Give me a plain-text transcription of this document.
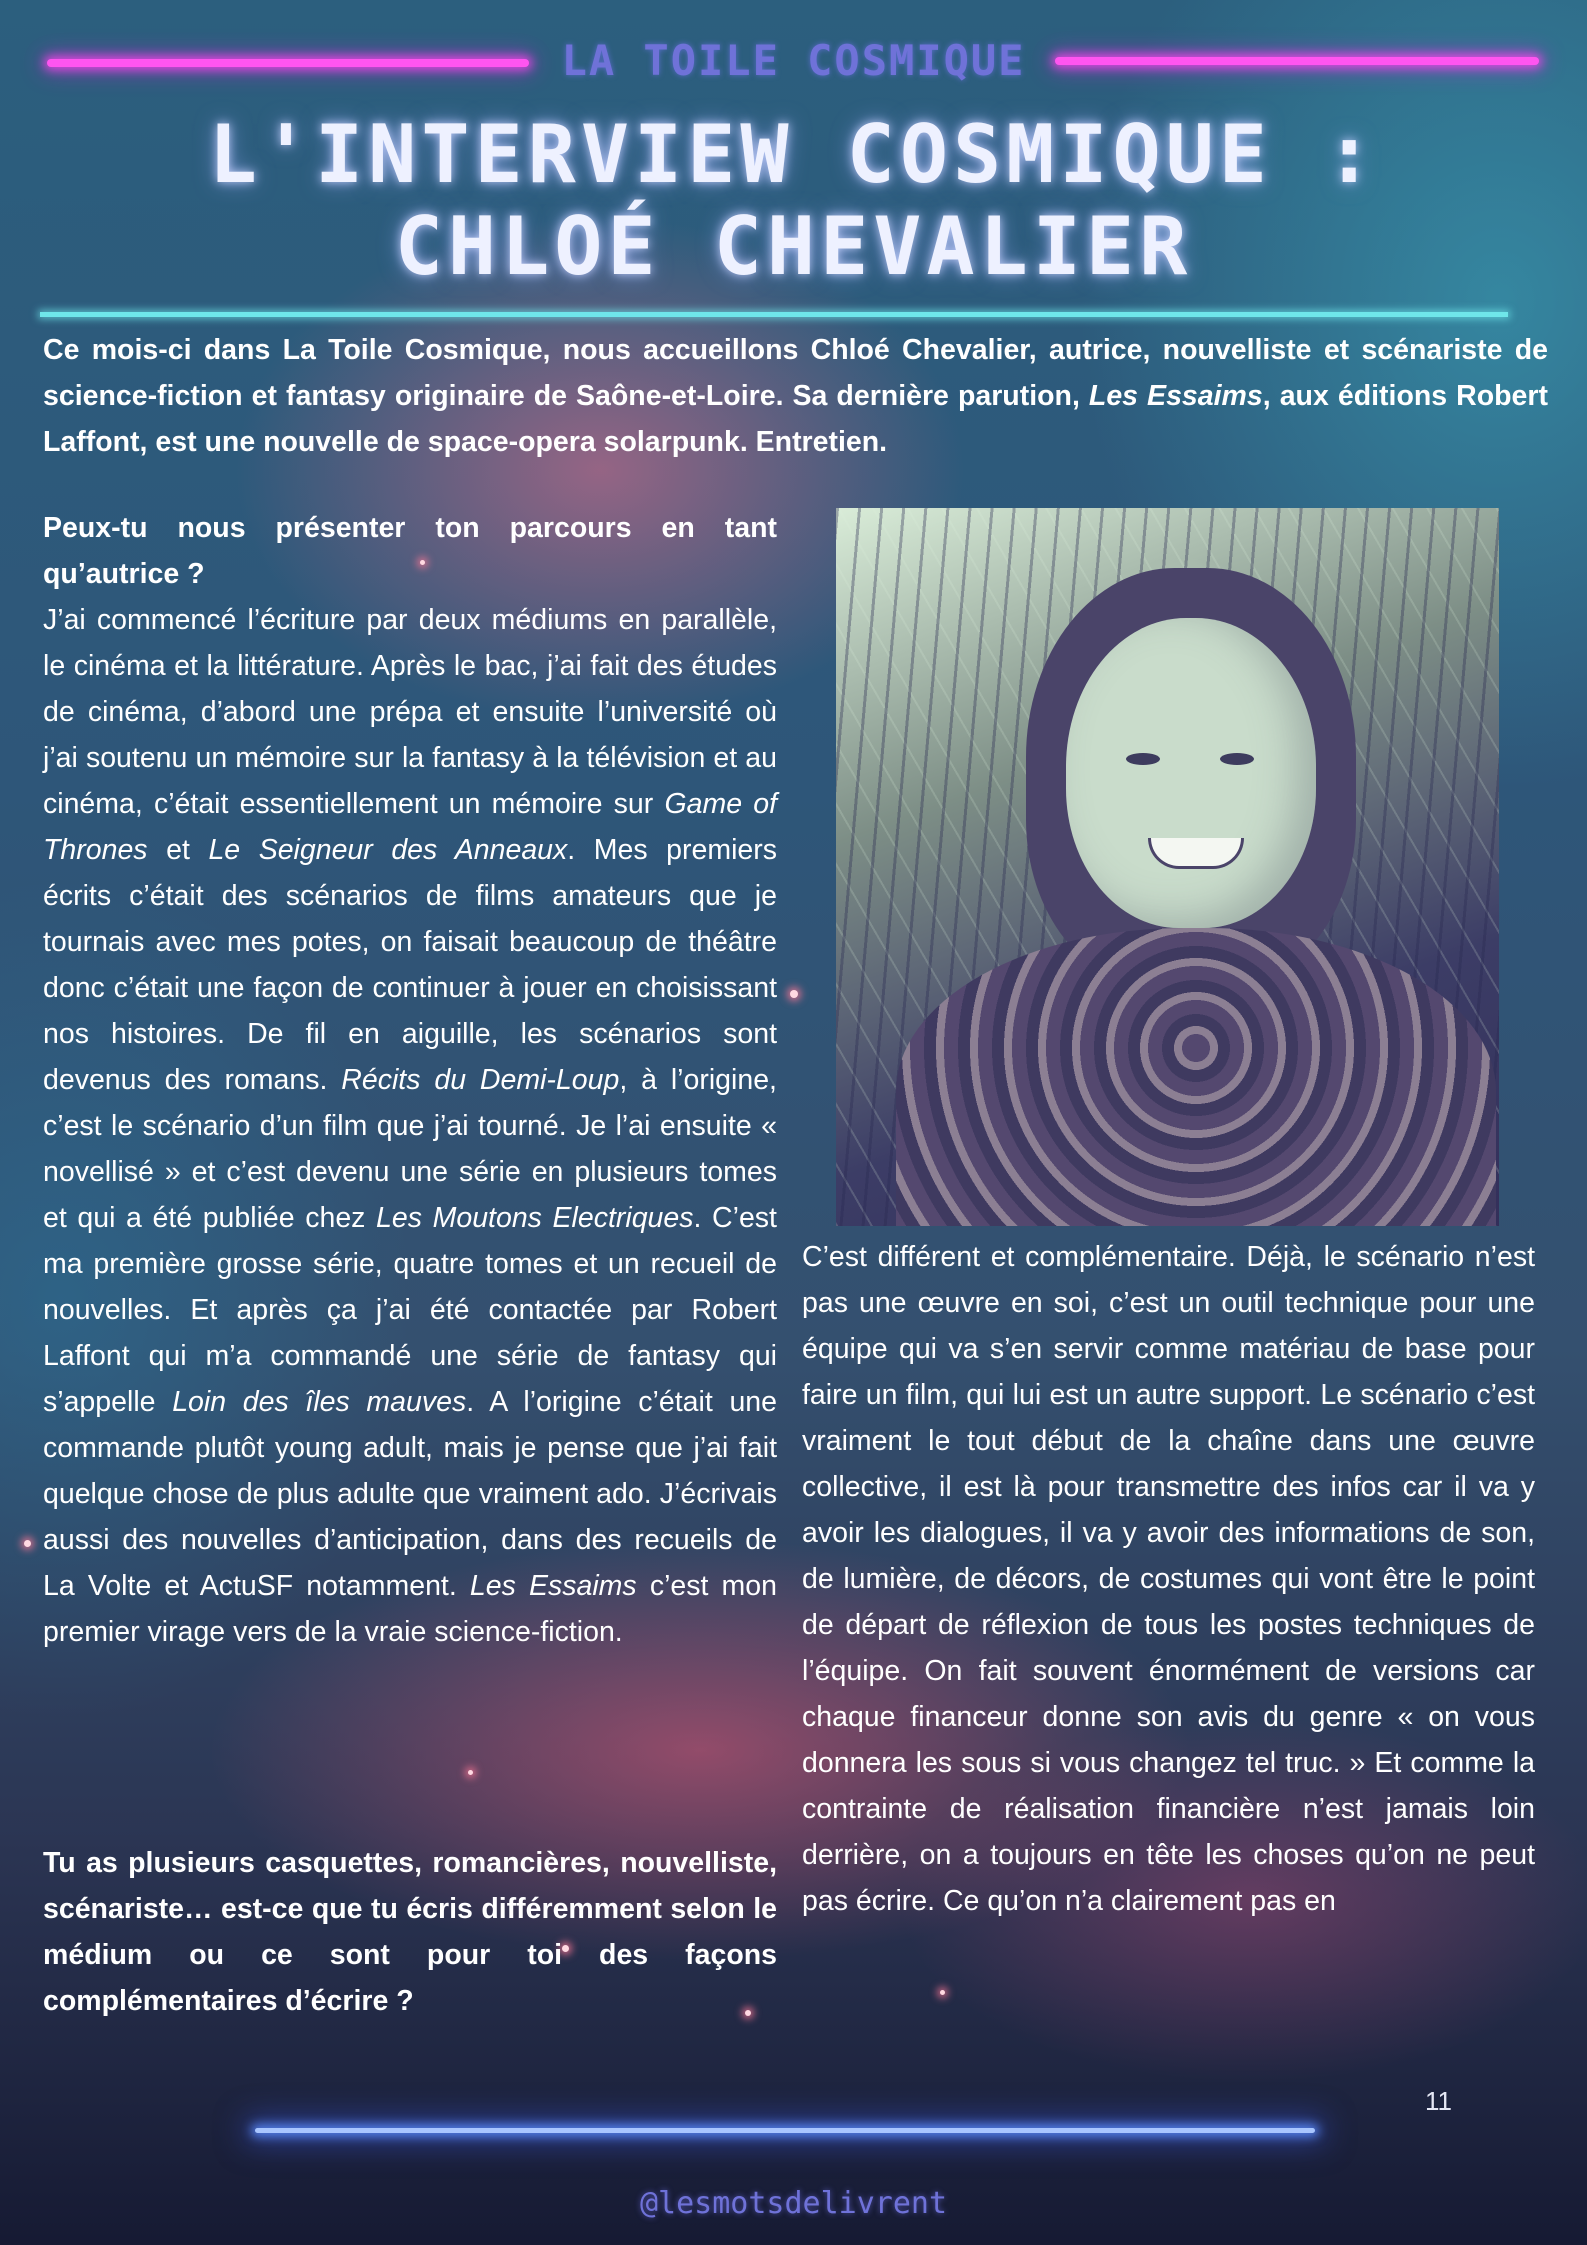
LA TOILE COSMIQUE
L'INTERVIEW COSMIQUE :
CHLOÉ CHEVALIER

Ce mois-ci dans La Toile Cosmique, nous accueillons Chloé Chevalier, autrice, nouvelliste et scénariste de science-fiction et fantasy originaire de Saône-et-Loire. Sa dernière parution, Les Essaims, aux éditions Robert Laffont, est une nouvelle de space-opera solarpunk. Entretien.

Peux-tu nous présenter ton parcours en tant qu’autrice ?

J’ai commencé l’écriture par deux médiums en parallèle, le cinéma et la littérature. Après le bac, j’ai fait des études de cinéma, d’abord une prépa et ensuite l’université où j’ai soutenu un mémoire sur la fantasy à la télévision et au cinéma, c’était essentiellement un mémoire sur Game of Thrones et Le Seigneur des Anneaux. Mes premiers écrits c’était des scénarios de films amateurs que je tournais avec mes potes, on faisait beaucoup de théâtre donc c’était une façon de continuer à jouer en choisissant nos histoires. De fil en aiguille, les scénarios sont devenus des romans. Récits du Demi-Loup, à l’origine, c’est le scénario d’un film que j’ai tourné. Je l’ai ensuite « novellisé » et c’est devenu une série en plusieurs tomes et qui a été publiée chez Les Moutons Electriques. C’est ma première grosse série, quatre tomes et un recueil de nouvelles. Et après ça j’ai été contactée par Robert Laffont qui m’a commandé une série de fantasy qui s’appelle Loin des îles mauves. A l’origine c’était une commande plutôt young adult, mais je pense que j’ai fait quelque chose de plus adulte que vraiment ado. J’écrivais aussi des nouvelles d’anticipation, dans des recueils de La Volte et ActuSF notamment. Les Essaims c’est mon premier virage vers de la vraie science-fiction.

Tu as plusieurs casquettes, romancières, nouvelliste, scénariste… est-ce que tu écris différemment selon le médium ou ce sont pour toi des façons complémentaires d’écrire ?

C’est différent et complémentaire. Déjà, le scénario n’est pas une œuvre en soi, c’est un outil technique pour une équipe qui va s’en servir comme matériau de base pour faire un film, qui lui est un autre support. Le scénario c’est vraiment le tout début de la chaîne dans une œuvre collective, il est là pour transmettre des infos car il va y avoir les dialogues, il va y avoir des informations de son, de lumière, de décors, de costumes qui vont être le point de départ de réflexion de tous les postes techniques de l’équipe. On fait souvent énormément de versions car chaque financeur donne son avis du genre « on vous donnera les sous si vous changez tel truc. » Et comme la contrainte de réalisation financière n’est jamais loin derrière, on a toujours en tête les choses qu’on ne peut pas écrire. Ce qu’on n’a clairement pas en

11
@lesmotsdelivrent
